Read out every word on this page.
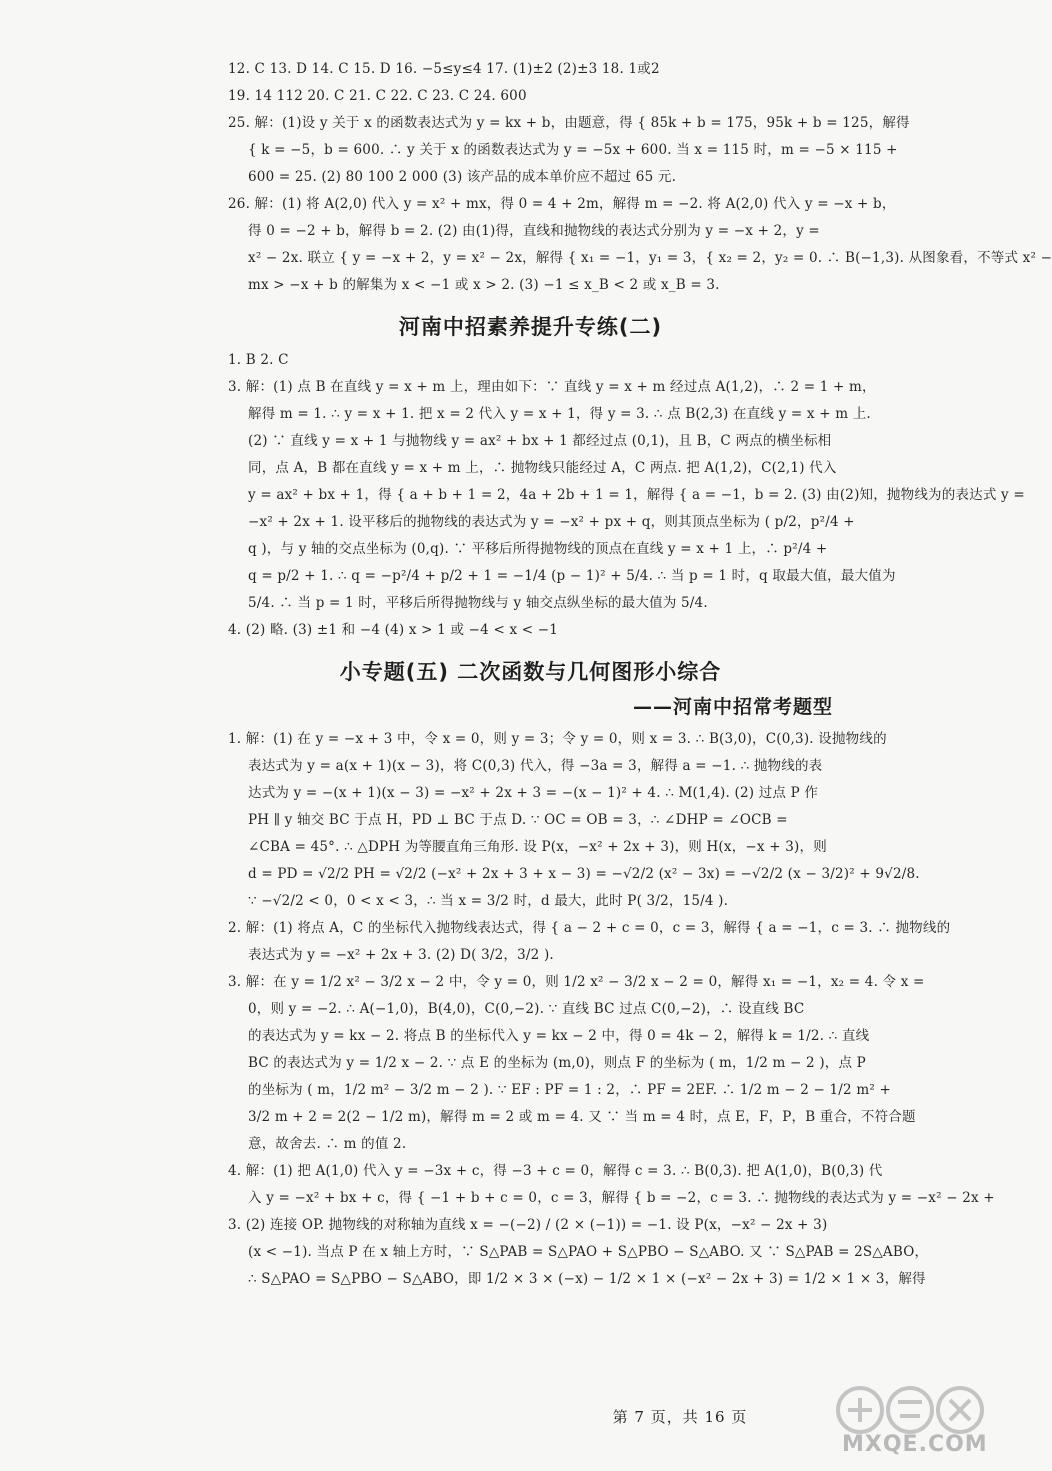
12. C 13. D 14. C 15. D 16. −5≤y≤4 17. (1)±2 (2)±3 18. 1或2
19. 14 112 20. C 21. C 22. C 23. C 24. 600
25. 解：(1)设 y 关于 x 的函数表达式为 y = kx + b，由题意，得 { 85k + b = 175，95k + b = 125，解得
{ k = −5，b = 600. ∴ y 关于 x 的函数表达式为 y = −5x + 600. 当 x = 115 时，m = −5 × 115 +
600 = 25. (2) 80 100 2 000 (3) 该产品的成本单价应不超过 65 元.
26. 解：(1) 将 A(2,0) 代入 y = x² + mx，得 0 = 4 + 2m，解得 m = −2. 将 A(2,0) 代入 y = −x + b，
得 0 = −2 + b，解得 b = 2. (2) 由(1)得，直线和抛物线的表达式分别为 y = −x + 2，y =
x² − 2x. 联立 { y = −x + 2，y = x² − 2x，解得 { x₁ = −1，y₁ = 3，{ x₂ = 2，y₂ = 0. ∴ B(−1,3). 从图象看，不等式 x² −
mx > −x + b 的解集为 x < −1 或 x > 2. (3) −1 ≤ x_B < 2 或 x_B = 3.
河南中招素养提升专练(二)
1. B 2. C
3. 解：(1) 点 B 在直线 y = x + m 上，理由如下：∵ 直线 y = x + m 经过点 A(1,2)，∴ 2 = 1 + m，
解得 m = 1. ∴ y = x + 1. 把 x = 2 代入 y = x + 1，得 y = 3. ∴ 点 B(2,3) 在直线 y = x + m 上.
(2) ∵ 直线 y = x + 1 与抛物线 y = ax² + bx + 1 都经过点 (0,1)，且 B，C 两点的横坐标相
同，点 A，B 都在直线 y = x + m 上，∴ 抛物线只能经过 A，C 两点. 把 A(1,2)，C(2,1) 代入
y = ax² + bx + 1，得 { a + b + 1 = 2，4a + 2b + 1 = 1，解得 { a = −1，b = 2. (3) 由(2)知，抛物线为的表达式 y =
−x² + 2x + 1. 设平移后的抛物线的表达式为 y = −x² + px + q，则其顶点坐标为 ( p/2，p²/4 +
q )，与 y 轴的交点坐标为 (0,q). ∵ 平移后所得抛物线的顶点在直线 y = x + 1 上，∴ p²/4 +
q = p/2 + 1. ∴ q = −p²/4 + p/2 + 1 = −1/4 (p − 1)² + 5/4. ∴ 当 p = 1 时，q 取最大值，最大值为
5/4. ∴ 当 p = 1 时，平移后所得抛物线与 y 轴交点纵坐标的最大值为 5/4.
4. (2) 略. (3) ±1 和 −4 (4) x > 1 或 −4 < x < −1
小专题(五) 二次函数与几何图形小综合
——河南中招常考题型
1. 解：(1) 在 y = −x + 3 中，令 x = 0，则 y = 3；令 y = 0，则 x = 3. ∴ B(3,0)，C(0,3). 设抛物线的
表达式为 y = a(x + 1)(x − 3)，将 C(0,3) 代入，得 −3a = 3，解得 a = −1. ∴ 抛物线的表
达式为 y = −(x + 1)(x − 3) = −x² + 2x + 3 = −(x − 1)² + 4. ∴ M(1,4). (2) 过点 P 作
PH ∥ y 轴交 BC 于点 H，PD ⊥ BC 于点 D. ∵ OC = OB = 3，∴ ∠DHP = ∠OCB =
∠CBA = 45°. ∴ △DPH 为等腰直角三角形. 设 P(x，−x² + 2x + 3)，则 H(x，−x + 3)，则
d = PD = √2/2 PH = √2/2 (−x² + 2x + 3 + x − 3) = −√2/2 (x² − 3x) = −√2/2 (x − 3/2)² + 9√2/8.
∵ −√2/2 < 0，0 < x < 3，∴ 当 x = 3/2 时，d 最大，此时 P( 3/2，15/4 ).
2. 解：(1) 将点 A，C 的坐标代入抛物线表达式，得 { a − 2 + c = 0，c = 3，解得 { a = −1，c = 3. ∴ 抛物线的
表达式为 y = −x² + 2x + 3. (2) D( 3/2，3/2 ).
3. 解：在 y = 1/2 x² − 3/2 x − 2 中，令 y = 0，则 1/2 x² − 3/2 x − 2 = 0，解得 x₁ = −1，x₂ = 4. 令 x =
0，则 y = −2. ∴ A(−1,0)，B(4,0)，C(0,−2). ∵ 直线 BC 过点 C(0,−2)，∴ 设直线 BC
的表达式为 y = kx − 2. 将点 B 的坐标代入 y = kx − 2 中，得 0 = 4k − 2，解得 k = 1/2. ∴ 直线
BC 的表达式为 y = 1/2 x − 2. ∵ 点 E 的坐标为 (m,0)，则点 F 的坐标为 ( m，1/2 m − 2 )，点 P
的坐标为 ( m，1/2 m² − 3/2 m − 2 ). ∵ EF : PF = 1 : 2，∴ PF = 2EF. ∴ 1/2 m − 2 − 1/2 m² +
3/2 m + 2 = 2(2 − 1/2 m)，解得 m = 2 或 m = 4. 又 ∵ 当 m = 4 时，点 E，F，P，B 重合，不符合题
意，故舍去. ∴ m 的值 2.
4. 解：(1) 把 A(1,0) 代入 y = −3x + c，得 −3 + c = 0，解得 c = 3. ∴ B(0,3). 把 A(1,0)，B(0,3) 代
入 y = −x² + bx + c，得 { −1 + b + c = 0，c = 3，解得 { b = −2，c = 3. ∴ 抛物线的表达式为 y = −x² − 2x +
3. (2) 连接 OP. 抛物线的对称轴为直线 x = −(−2) / (2 × (−1)) = −1. 设 P(x，−x² − 2x + 3)
(x < −1). 当点 P 在 x 轴上方时，∵ S△PAB = S△PAO + S△PBO − S△ABO. 又 ∵ S△PAB = 2S△ABO，
∴ S△PAO = S△PBO − S△ABO，即 1/2 × 3 × (−x) − 1/2 × 1 × (−x² − 2x + 3) = 1/2 × 1 × 3，解得
第 7 页，共 16 页
MXQE.COM
